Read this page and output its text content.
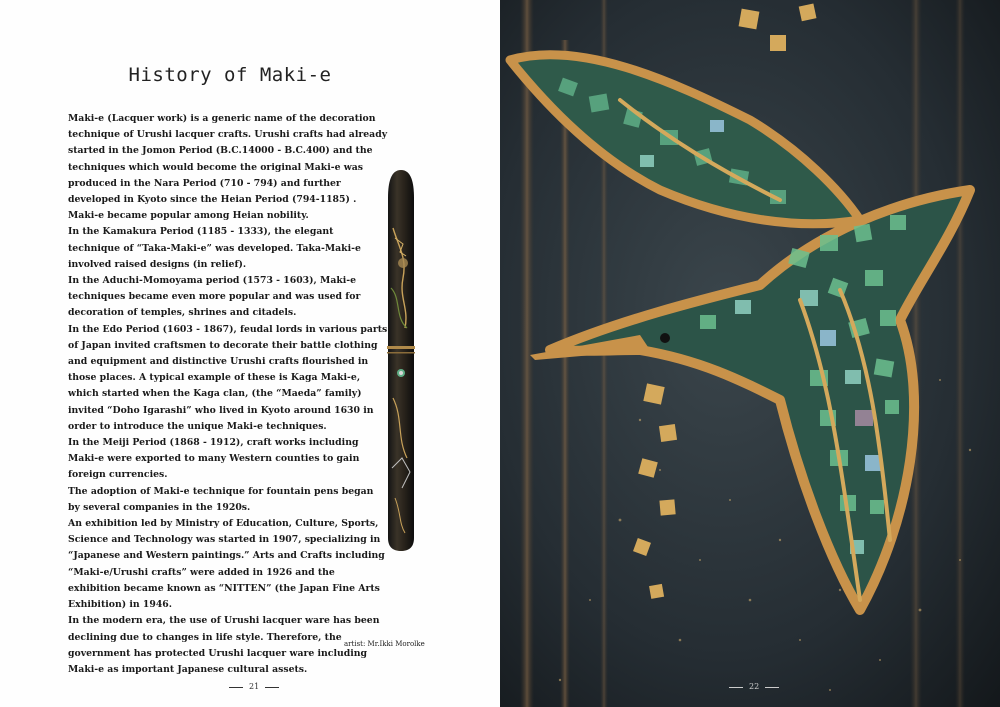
History of Maki-e

Maki-e (Lacquer work) is a generic name of the decoration technique of Urushi lacquer crafts. Urushi crafts had already started in the Jomon Period (B.C.14000 - B.C.400) and the techniques which would become the original Maki-e was produced in the Nara Period (710 - 794) and further developed in Kyoto since the Heian Period (794-1185) . Maki-e became popular among Heian nobility.

In the Kamakura Period (1185 - 1333), the elegant technique of “Taka-Maki-e” was developed. Taka-Maki-e involved raised designs (in relief).

In the Aduchi-Momoyama period (1573 - 1603), Maki-e techniques became even more popular and was used for decoration of temples, shrines and citadels.

In the Edo Period (1603 - 1867), feudal lords in various parts of Japan invited craftsmen to decorate their battle clothing and equipment and distinctive Urushi crafts flourished in those places. A typical example of these is Kaga Maki-e, which started when the Kaga clan, (the “Maeda” family) invited “Doho Igarashi” who lived in Kyoto around 1630 in order to introduce the unique Maki-e techniques.

In the Meiji Period (1868 - 1912), craft works including Maki-e were exported to many Western counties to gain foreign currencies.

The adoption of Maki-e technique for fountain pens began by several companies in the 1920s.

An exhibition led by Ministry of Education, Culture, Sports, Science and Technology was started in 1907, specializing in “Japanese and Western paintings.” Arts and Crafts including “Maki-e/Urushi crafts” were added in 1926 and the exhibition became known as “NITTEN” (the Japan Fine Arts Exhibition) in 1946.

In the modern era, the use of Urushi lacquer ware has been declining due to changes in life style. Therefore, the government has protected Urushi lacquer ware including Maki-e as important Japanese cultural assets.

artist: Mr.Ikki Morolke
21	22
